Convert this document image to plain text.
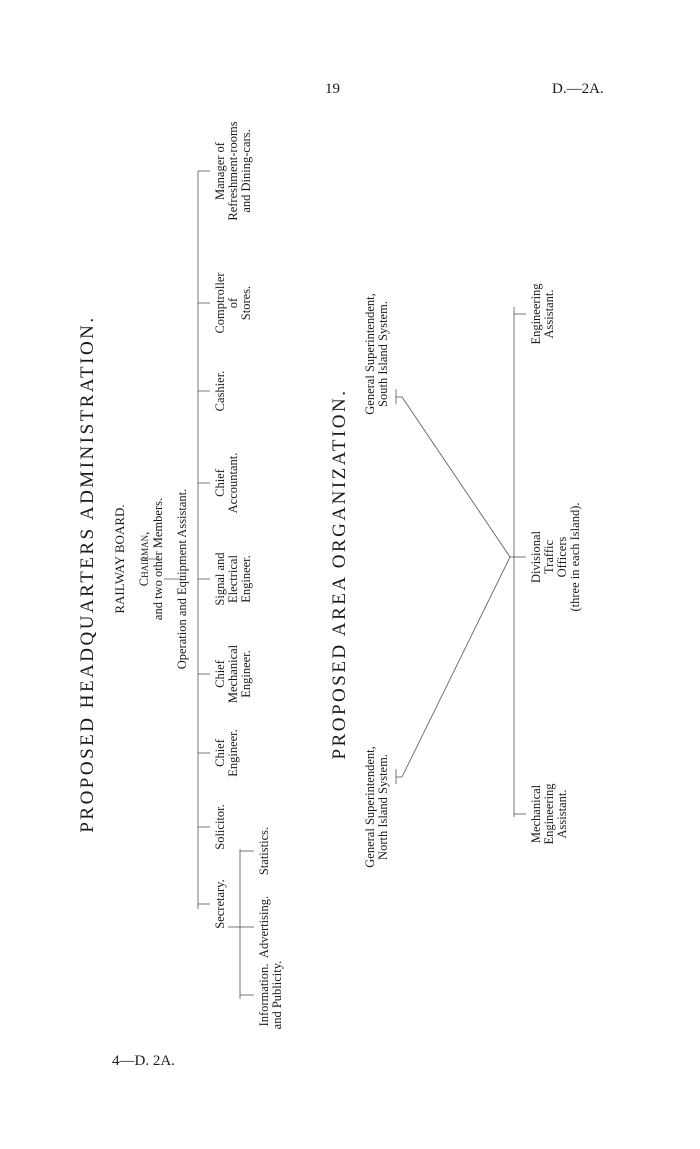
19	D.—2A.
4—D. 2A.
PROPOSED HEADQUARTERS ADMINISTRATION. RAILWAY BOARD. Chairman, and two other Members. Operation and Equipment Assistant.
Secretary.
Solicitor.
Chief Engineer.
Chief Mechanical Engineer.
Signal and Electrical Engineer.
Chief Accountant.
Cashier.
Comptroller of Stores.
Manager of Refreshment-rooms and Dining-cars.
Information. and Publicity.
Advertising.
Statistics.
PROPOSED AREA ORGANIZATION.
General Superintendent, North Island System.
General Superintendent, South Island System.
Mechanical Engineering Assistant.
Divisional Traffic Officers (three in each Island).
Engineering Assistant.
